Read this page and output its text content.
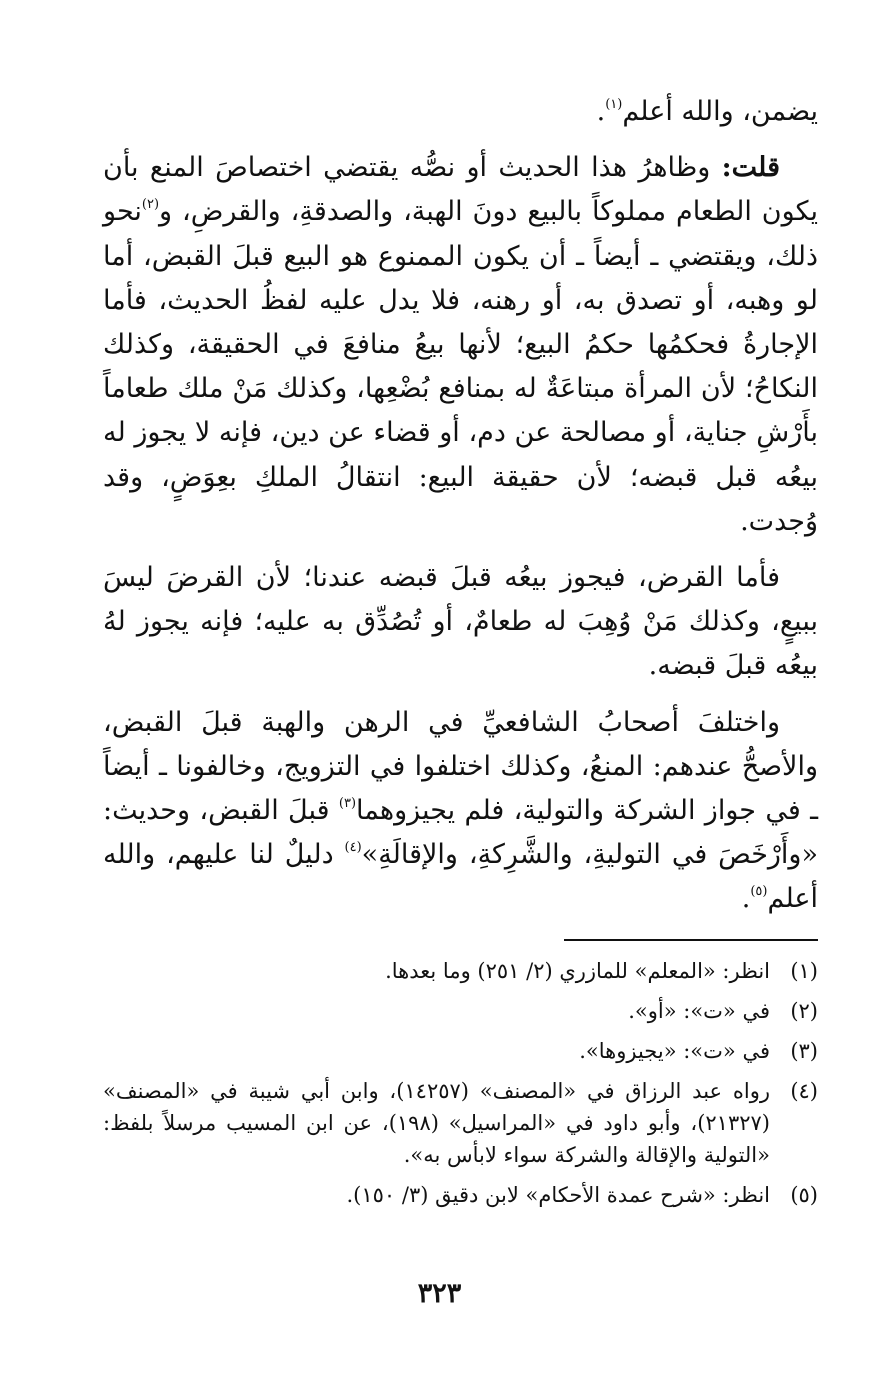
يضمن، والله أعلم$^{(١)}$.

قلت: وظاهرُ هذا الحديث أو نصُّه يقتضي اختصاصَ المنع بأن يكون الطعام مملوكاً بالبيع دونَ الهبة، والصدقةِ، والقرضِ، و$^{(٢)}$نحو ذلك، ويقتضي ـ أيضاً ـ أن يكون الممنوع هو البيع قبلَ القبض، أما لو وهبه، أو تصدق به، أو رهنه، فلا يدل عليه لفظُ الحديث، فأما الإجارةُ فحكمُها حكمُ البيع؛ لأنها بيعُ منافعَ في الحقيقة، وكذلك النكاحُ؛ لأن المرأة مبتاعَةٌ له بمنافع بُضْعِها، وكذلك مَنْ ملك طعاماً بأَرْشِ جناية، أو مصالحة عن دم، أو قضاء عن دين، فإنه لا يجوز له بيعُه قبل قبضه؛ لأن حقيقة البيع: انتقالُ الملكِ بعِوَضٍ، وقد وُجدت.

فأما القرض، فيجوز بيعُه قبلَ قبضه عندنا؛ لأن القرضَ ليسَ ببيعٍ، وكذلك مَنْ وُهِبَ له طعامٌ، أو تُصُدِّق به عليه؛ فإنه يجوز لهُ بيعُه قبلَ قبضه.

واختلفَ أصحابُ الشافعيِّ في الرهن والهبة قبلَ القبض، والأصحُّ عندهم: المنعُ، وكذلك اختلفوا في التزويج، وخالفونا ـ أيضاً ـ في جواز الشركة والتولية، فلم يجيزوهما$^{(٣)}$ قبلَ القبض، وحديث: «وأَرْخَصَ في التوليةِ، والشَّرِكةِ، والإقالَةِ»$^{(٤)}$ دليلٌ لنا عليهم، والله أعلم$^{(٥)}$.

(١)
انظر: «المعلم» للمازري (٢/ ٢٥١) وما بعدها.
(٢)
في «ت»: «أو».
(٣)
في «ت»: «يجيزوها».
(٤)
رواه عبد الرزاق في «المصنف» (١٤٢٥٧)، وابن أبي شيبة في «المصنف» (٢١٣٢٧)، وأبو داود في «المراسيل» (١٩٨)، عن ابن المسيب مرسلاً بلفظ: «التولية والإقالة والشركة سواء لابأس به».
(٥)
انظر: «شرح عمدة الأحكام» لابن دقيق (٣/ ١٥٠).
٣٢٣
